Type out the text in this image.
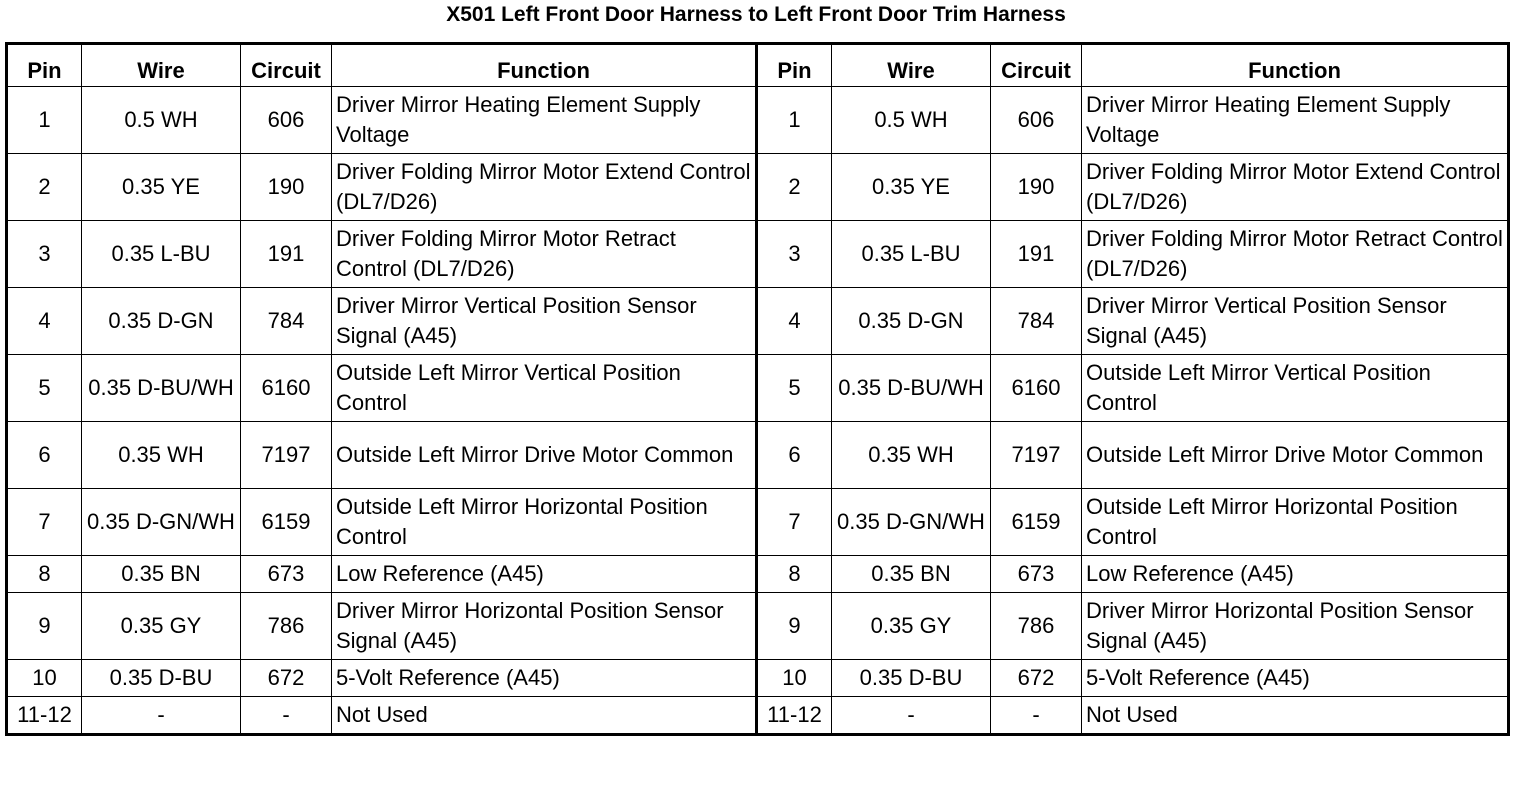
X501 Left Front Door Harness to Left Front Door Trim Harness
Pin	Wire	Circuit	Function	Pin	Wire	Circuit	Function
1	0.5 WH	606	Driver Mirror Heating Element Supply Voltage	1	0.5 WH	606	Driver Mirror Heating Element Supply Voltage
2	0.35 YE	190	Driver Folding Mirror Motor Extend Control (DL7/D26)	2	0.35 YE	190	Driver Folding Mirror Motor Extend Control (DL7/D26)
3	0.35 L-BU	191	Driver Folding Mirror Motor Retract Control (DL7/D26)	3	0.35 L-BU	191	Driver Folding Mirror Motor Retract Control (DL7/D26)
4	0.35 D-GN	784	Driver Mirror Vertical Position Sensor Signal (A45)	4	0.35 D-GN	784	Driver Mirror Vertical Position Sensor Signal (A45)
5	0.35 D-BU/WH	6160	Outside Left Mirror Vertical Position Control	5	0.35 D-BU/WH	6160	Outside Left Mirror Vertical Position Control
6	0.35 WH	7197	Outside Left Mirror Drive Motor Common	6	0.35 WH	7197	Outside Left Mirror Drive Motor Common
7	0.35 D-GN/WH	6159	Outside Left Mirror Horizontal Position Control	7	0.35 D-GN/WH	6159	Outside Left Mirror Horizontal Position Control
8	0.35 BN	673	Low Reference (A45)	8	0.35 BN	673	Low Reference (A45)
9	0.35 GY	786	Driver Mirror Horizontal Position Sensor Signal (A45)	9	0.35 GY	786	Driver Mirror Horizontal Position Sensor Signal (A45)
10	0.35 D-BU	672	5-Volt Reference (A45)	10	0.35 D-BU	672	5-Volt Reference (A45)
11-12	-	-	Not Used	11-12	-	-	Not Used
